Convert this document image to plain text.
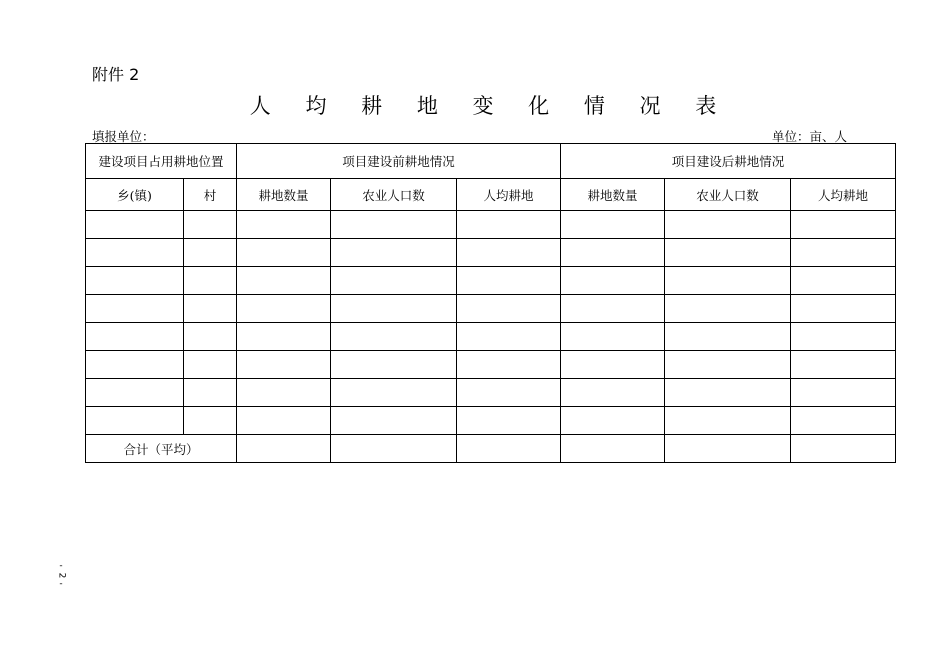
附件 2
人 均 耕 地 变 化 情 况 表
填报单位：	单位：亩、人
建设项目占用耕地位置		项目建设前耕地情况			项目建设后耕地情况		
乡(镇)	村	耕地数量	农业人口数	人均耕地	耕地数量	农业人口数	人均耕地

合计（平均）							
-
2
-
